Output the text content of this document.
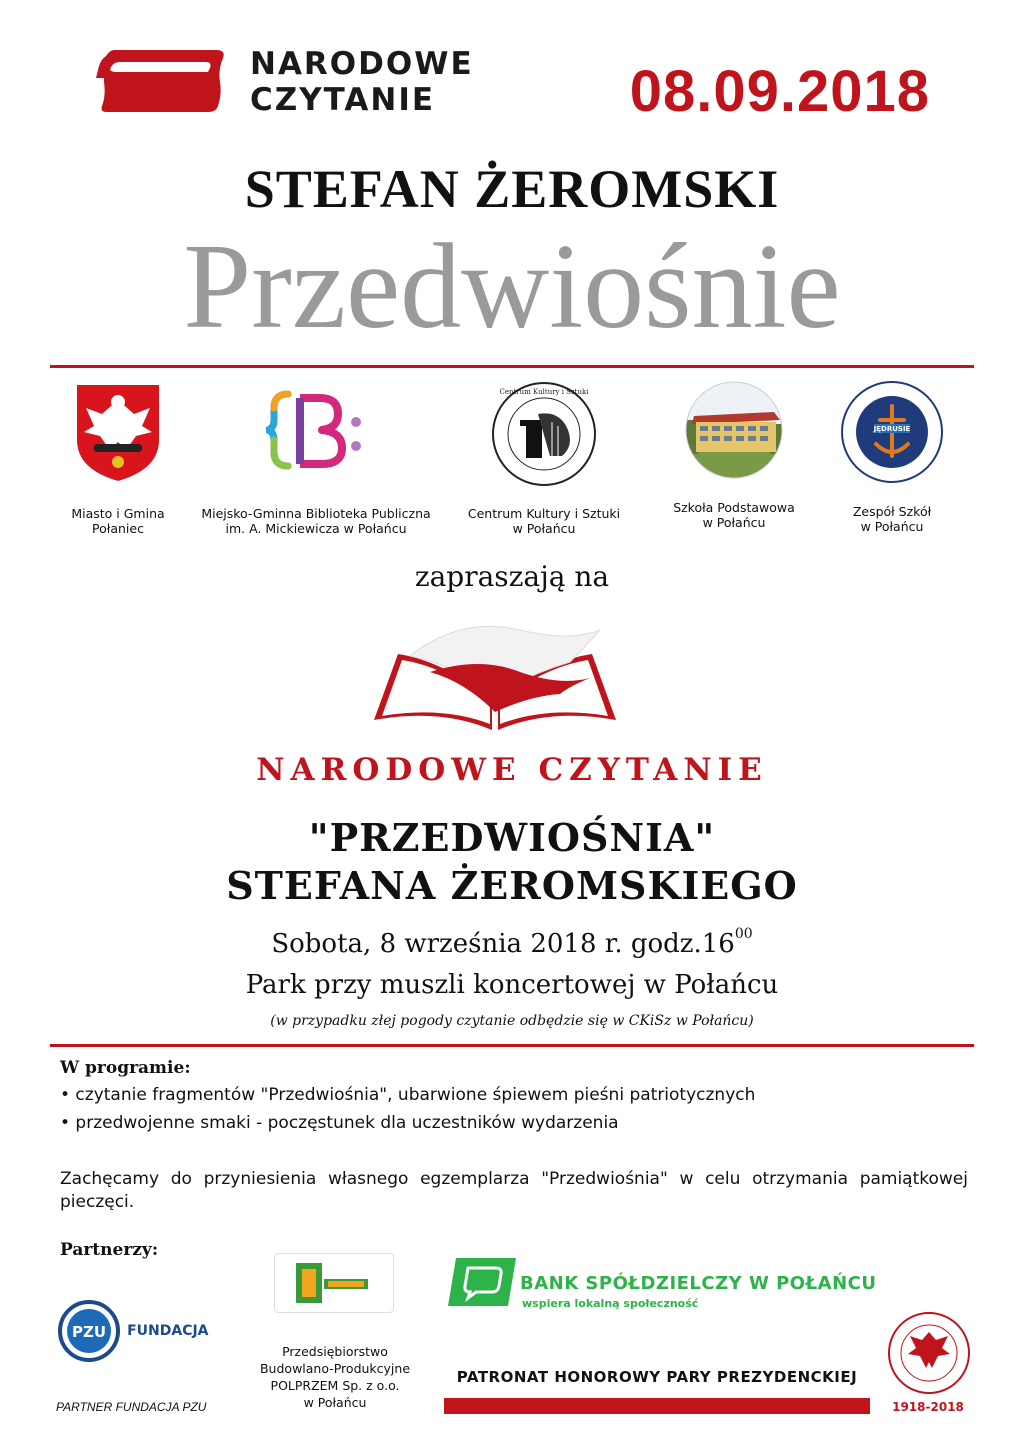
NARODOWE
CZYTANIE	08.09.2018
STEFAN ŻEROMSKI
Przedwiośnie
Miasto i Gmina
Połaniec
Miejsko-Gminna Biblioteka Publiczna
im. A. Mickiewicza w Połańcu
Centrum Kultury i Sztuki
Centrum Kultury i Sztuki
w Połańcu
Szkoła Podstawowa
w Połańcu
JĘDRUSIE
1973
Zespół Szkół
w Połańcu
zapraszają na
NARODOWE CZYTANIE
"PRZEDWIOŚNIA"
STEFANA ŻEROMSKIEGO
Sobota, 8 września 2018 r. $godz.16^{00}$
Park przy muszli koncertowej w Połańcu
(w przypadku złej pogody czytanie odbędzie się w CKiSz w Połańcu)
W programie:
• czytanie fragmentów "Przedwiośnia", ubarwione śpiewem pieśni patriotycznych
• przedwojenne smaki - poczęstunek dla uczestników wydarzenia
Zachęcamy do przyniesienia własnego egzemplarza "Przedwiośnia" w celu otrzymania pamiątkowej pieczęci.
Partnerzy:
PZU FUNDACJA
PARTNER FUNDACJA PZU
Przedsiębiorstwo
Budowlano-Produkcyjne
POLPRZEM Sp. z o.o.
w Połańcu
BANK SPÓŁDZIELCZY W POŁAŃCU
wspiera lokalną społeczność
PATRONAT HONOROWY PARY PREZYDENCKIEJ
1918-2018
